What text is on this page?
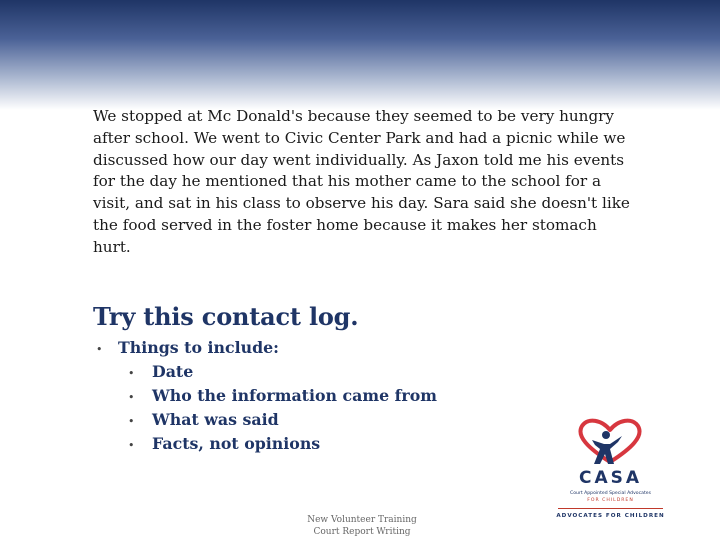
We stopped at Mc Donald's because they seemed to be very hungry after school. We went to Civic Center Park and had a picnic while we discussed how our day went individually. As Jaxon told me his events for the day he mentioned that his mother came to the school for a visit, and sat in his class to observe his day. Sara said she doesn't like the food served in the foster home because it makes her stomach hurt.

Try this contact log.
• Things to include:
•	Date
•	Who the information came from
•	What was said
•	Facts, not opinions
CASA
Court Appointed Special Advocates
FOR CHILDREN
ADVOCATES FOR CHILDREN
New Volunteer Training
Court Report Writing
